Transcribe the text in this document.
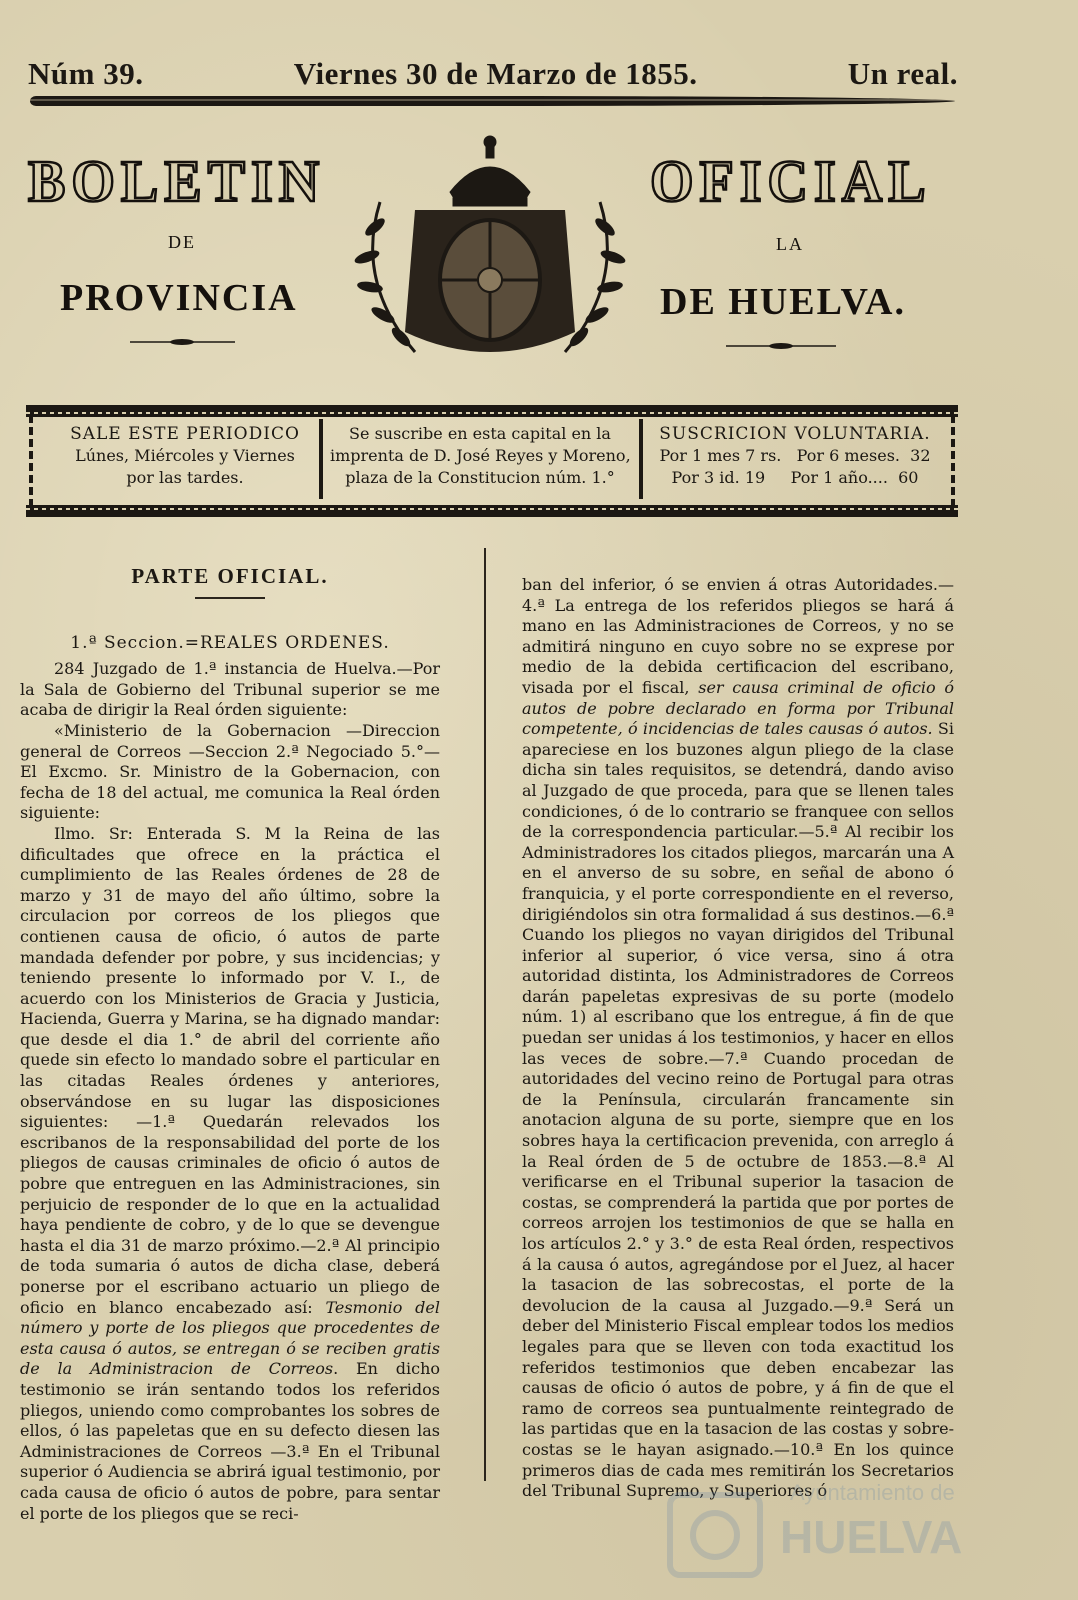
Núm 39.	Viernes 30 de Marzo de 1855.	Un real.
BOLETIN	OFICIAL
DE	LA
PROVINCIA	DE HUELVA.
SALE ESTE PERIODICO
Lúnes, Miércoles y Viernes
por las tardes.
Se suscribe en esta capital en la
imprenta de D. José Reyes y Moreno,
plaza de la Constitucion núm. 1.°
SUSCRICION VOLUNTARIA.
Por 1 mes 7 rs.   Por 6 meses.  32
Por 3 id. 19     Por 1 año....  60
PARTE OFICIAL.
1.ª Seccion.=REALES ORDENES.

284 Juzgado de 1.ª instancia de Huelva.—Por la Sala de Gobierno del Tribunal superior se me acaba de dirigir la Real órden siguiente:

«Ministerio de la Gobernacion —Direccion general de Correos —Seccion 2.ª Negociado 5.°—El Excmo. Sr. Ministro de la Gobernacion, con fecha de 18 del actual, me comunica la Real órden siguiente:

Ilmo. Sr: Enterada S. M la Reina de las dificultades que ofrece en la práctica el cumplimiento de las Reales órdenes de 28 de marzo y 31 de mayo del año último, sobre la circulacion por correos de los pliegos que contienen causa de oficio, ó autos de parte mandada defender por pobre, y sus incidencias; y teniendo presente lo informado por V. I., de acuerdo con los Ministerios de Gracia y Justicia, Hacienda, Guerra y Marina, se ha dignado mandar: que desde el dia 1.° de abril del corriente año quede sin efecto lo mandado sobre el particular en las citadas Reales órdenes y anteriores, observándose en su lugar las disposiciones siguientes: —1.ª Quedarán relevados los escribanos de la responsabilidad del porte de los pliegos de causas criminales de oficio ó autos de pobre que entreguen en las Administraciones, sin perjuicio de responder de lo que en la actualidad haya pendiente de cobro, y de lo que se devengue hasta el dia 31 de marzo próximo.—2.ª Al principio de toda sumaria ó autos de dicha clase, deberá ponerse por el escribano actuario un pliego de oficio en blanco encabezado así: Tesmonio del número y porte de los pliegos que procedentes de esta causa ó autos, se entregan ó se reciben gratis de la Administracion de Correos. En dicho testimonio se irán sentando todos los referidos pliegos, uniendo como comprobantes los sobres de ellos, ó las papeletas que en su defecto diesen las Administraciones de Correos —3.ª En el Tribunal superior ó Audiencia se abrirá igual testimonio, por cada causa de oficio ó autos de pobre, para sentar el porte de los pliegos que se reci-

ban del inferior, ó se envien á otras Autoridades.—4.ª La entrega de los referidos pliegos se hará á mano en las Administraciones de Correos, y no se admitirá ninguno en cuyo sobre no se exprese por medio de la debida certificacion del escribano, visada por el fiscal, ser causa criminal de oficio ó autos de pobre declarado en forma por Tribunal competente, ó incidencias de tales causas ó autos. Si apareciese en los buzones algun pliego de la clase dicha sin tales requisitos, se detendrá, dando aviso al Juzgado de que proceda, para que se llenen tales condiciones, ó de lo contrario se franquee con sellos de la correspondencia particular.—5.ª Al recibir los Administradores los citados pliegos, marcarán una A en el anverso de su sobre, en señal de abono ó franquicia, y el porte correspondiente en el reverso, dirigiéndolos sin otra formalidad á sus destinos.—6.ª Cuando los pliegos no vayan dirigidos del Tribunal inferior al superior, ó vice versa, sino á otra autoridad distinta, los Administradores de Correos darán papeletas expresivas de su porte (modelo núm. 1) al escribano que los entregue, á fin de que puedan ser unidas á los testimonios, y hacer en ellos las veces de sobre.—7.ª Cuando procedan de autoridades del vecino reino de Portugal para otras de la Península, circularán francamente sin anotacion alguna de su porte, siempre que en los sobres haya la certificacion prevenida, con arreglo á la Real órden de 5 de octubre de 1853.—8.ª Al verificarse en el Tribunal superior la tasacion de costas, se comprenderá la partida que por portes de correos arrojen los testimonios de que se halla en los artículos 2.° y 3.° de esta Real órden, respectivos á la causa ó autos, agregándose por el Juez, al hacer la tasacion de las sobrecostas, el porte de la devolucion de la causa al Juzgado.—9.ª Será un deber del Ministerio Fiscal emplear todos los medios legales para que se lleven con toda exactitud los referidos testimonios que deben encabezar las causas de oficio ó autos de pobre, y á fin de que el ramo de correos sea puntualmente reintegrado de las partidas que en la tasacion de las costas y sobre-costas se le hayan asignado.—10.ª En los quince primeros dias de cada mes remitirán los Secretarios del Tribunal Supremo, y Superiores ó

Ayuntamiento de
HUELVA
